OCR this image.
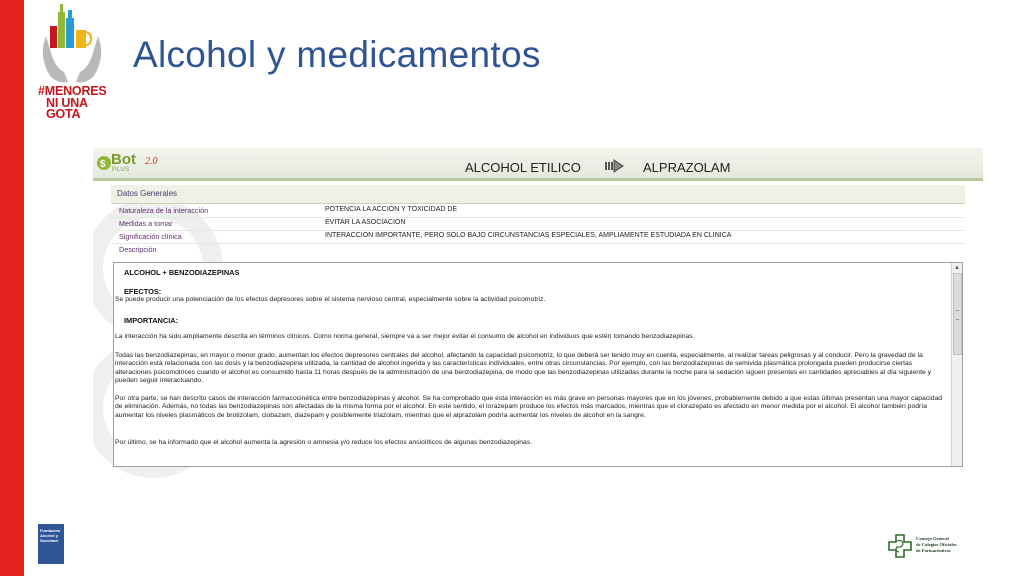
#MENORES
NI UNA
GOTA
Alcohol y medicamentos
$ Bot 2.0
PLUS	ALCOHOL ETILICO	ALPRAZOLAM
Datos Generales
Naturaleza de la interacción	POTENCIA LA ACCIÓN Y TOXICIDAD DE
Medidas a tomar	EVITAR LA ASOCIACION
Significación clínica	INTERACCION IMPORTANTE, PERO SOLO BAJO CIRCUNSTANCIAS ESPECIALES, AMPLIAMENTE ESTUDIADA EN CLINICA
Descripción
ALCOHOL + BENZODIAZEPINAS
EFECTOS:

Se puede producir una potenciación de los efectos depresores sobre el sistema nervioso central, especialmente sobre la actividad psicomotriz.

IMPORTANCIA:

La interacción ha sido ampliamente descrita en términos clínicos. Como norma general, siempre va a ser mejor evitar el consumo de alcohol en individuos que estén tomando benzodiazepinas.

Todas las benzodiazepinas, en mayor o menor grado, aumentan los efectos depresores centrales del alcohol, afectando la capacidad psicomotriz, lo que deberá ser tenido muy en cuenta, especialmente, al realizar tareas peligrosas y al conducir. Pero la gravedad de la interacción está relacionada con las dosis y la benzodiazepina utilizada, la cantidad de alcohol ingerida y las características individuales, entre otras circunstancias. Por ejemplo, con las benzodiazepinas de semivida plasmática prolongada pueden producirse ciertas alteraciones psicomotrices cuando el alcohol es consumido hasta 11 horas después de la administración de una benzodiazepina, de modo que las benzodiazepinas utilizadas durante la noche para la sedación siguen presentes en cantidades apreciables al día siguiente y pueden seguir interactuando.

Por otra parte, se han descrito casos de interacción farmacocinética entre benzodiazepinas y alcohol. Se ha comprobado que esta interacción es más grave en personas mayores que en los jóvenes, probablemente debido a que estas últimas presentan una mayor capacidad de eliminación. Además, no todas las benzodiazepinas son afectadas de la misma forma por el alcohol. En este sentido, el lorazepam produce los efectos más marcados, mientras que el clorazepato es afectado en menor medida por el alcohol. El alcohol también podría aumentar los niveles plasmáticos de brotizolam, clobazam, diazepam y posiblemente triazolam, mientras que el alprazolam podría aumentar los niveles de alcohol en la sangre.

Por último, se ha informado que el alcohol aumenta la agresión o amnesia y/o reduce los efectos ansiolíticos de algunas benzodiazepinas.

▲
Fundación
Alcohol y
Sociedad	Consejo General
de Colegios Oficiales
de Farmacéuticos
